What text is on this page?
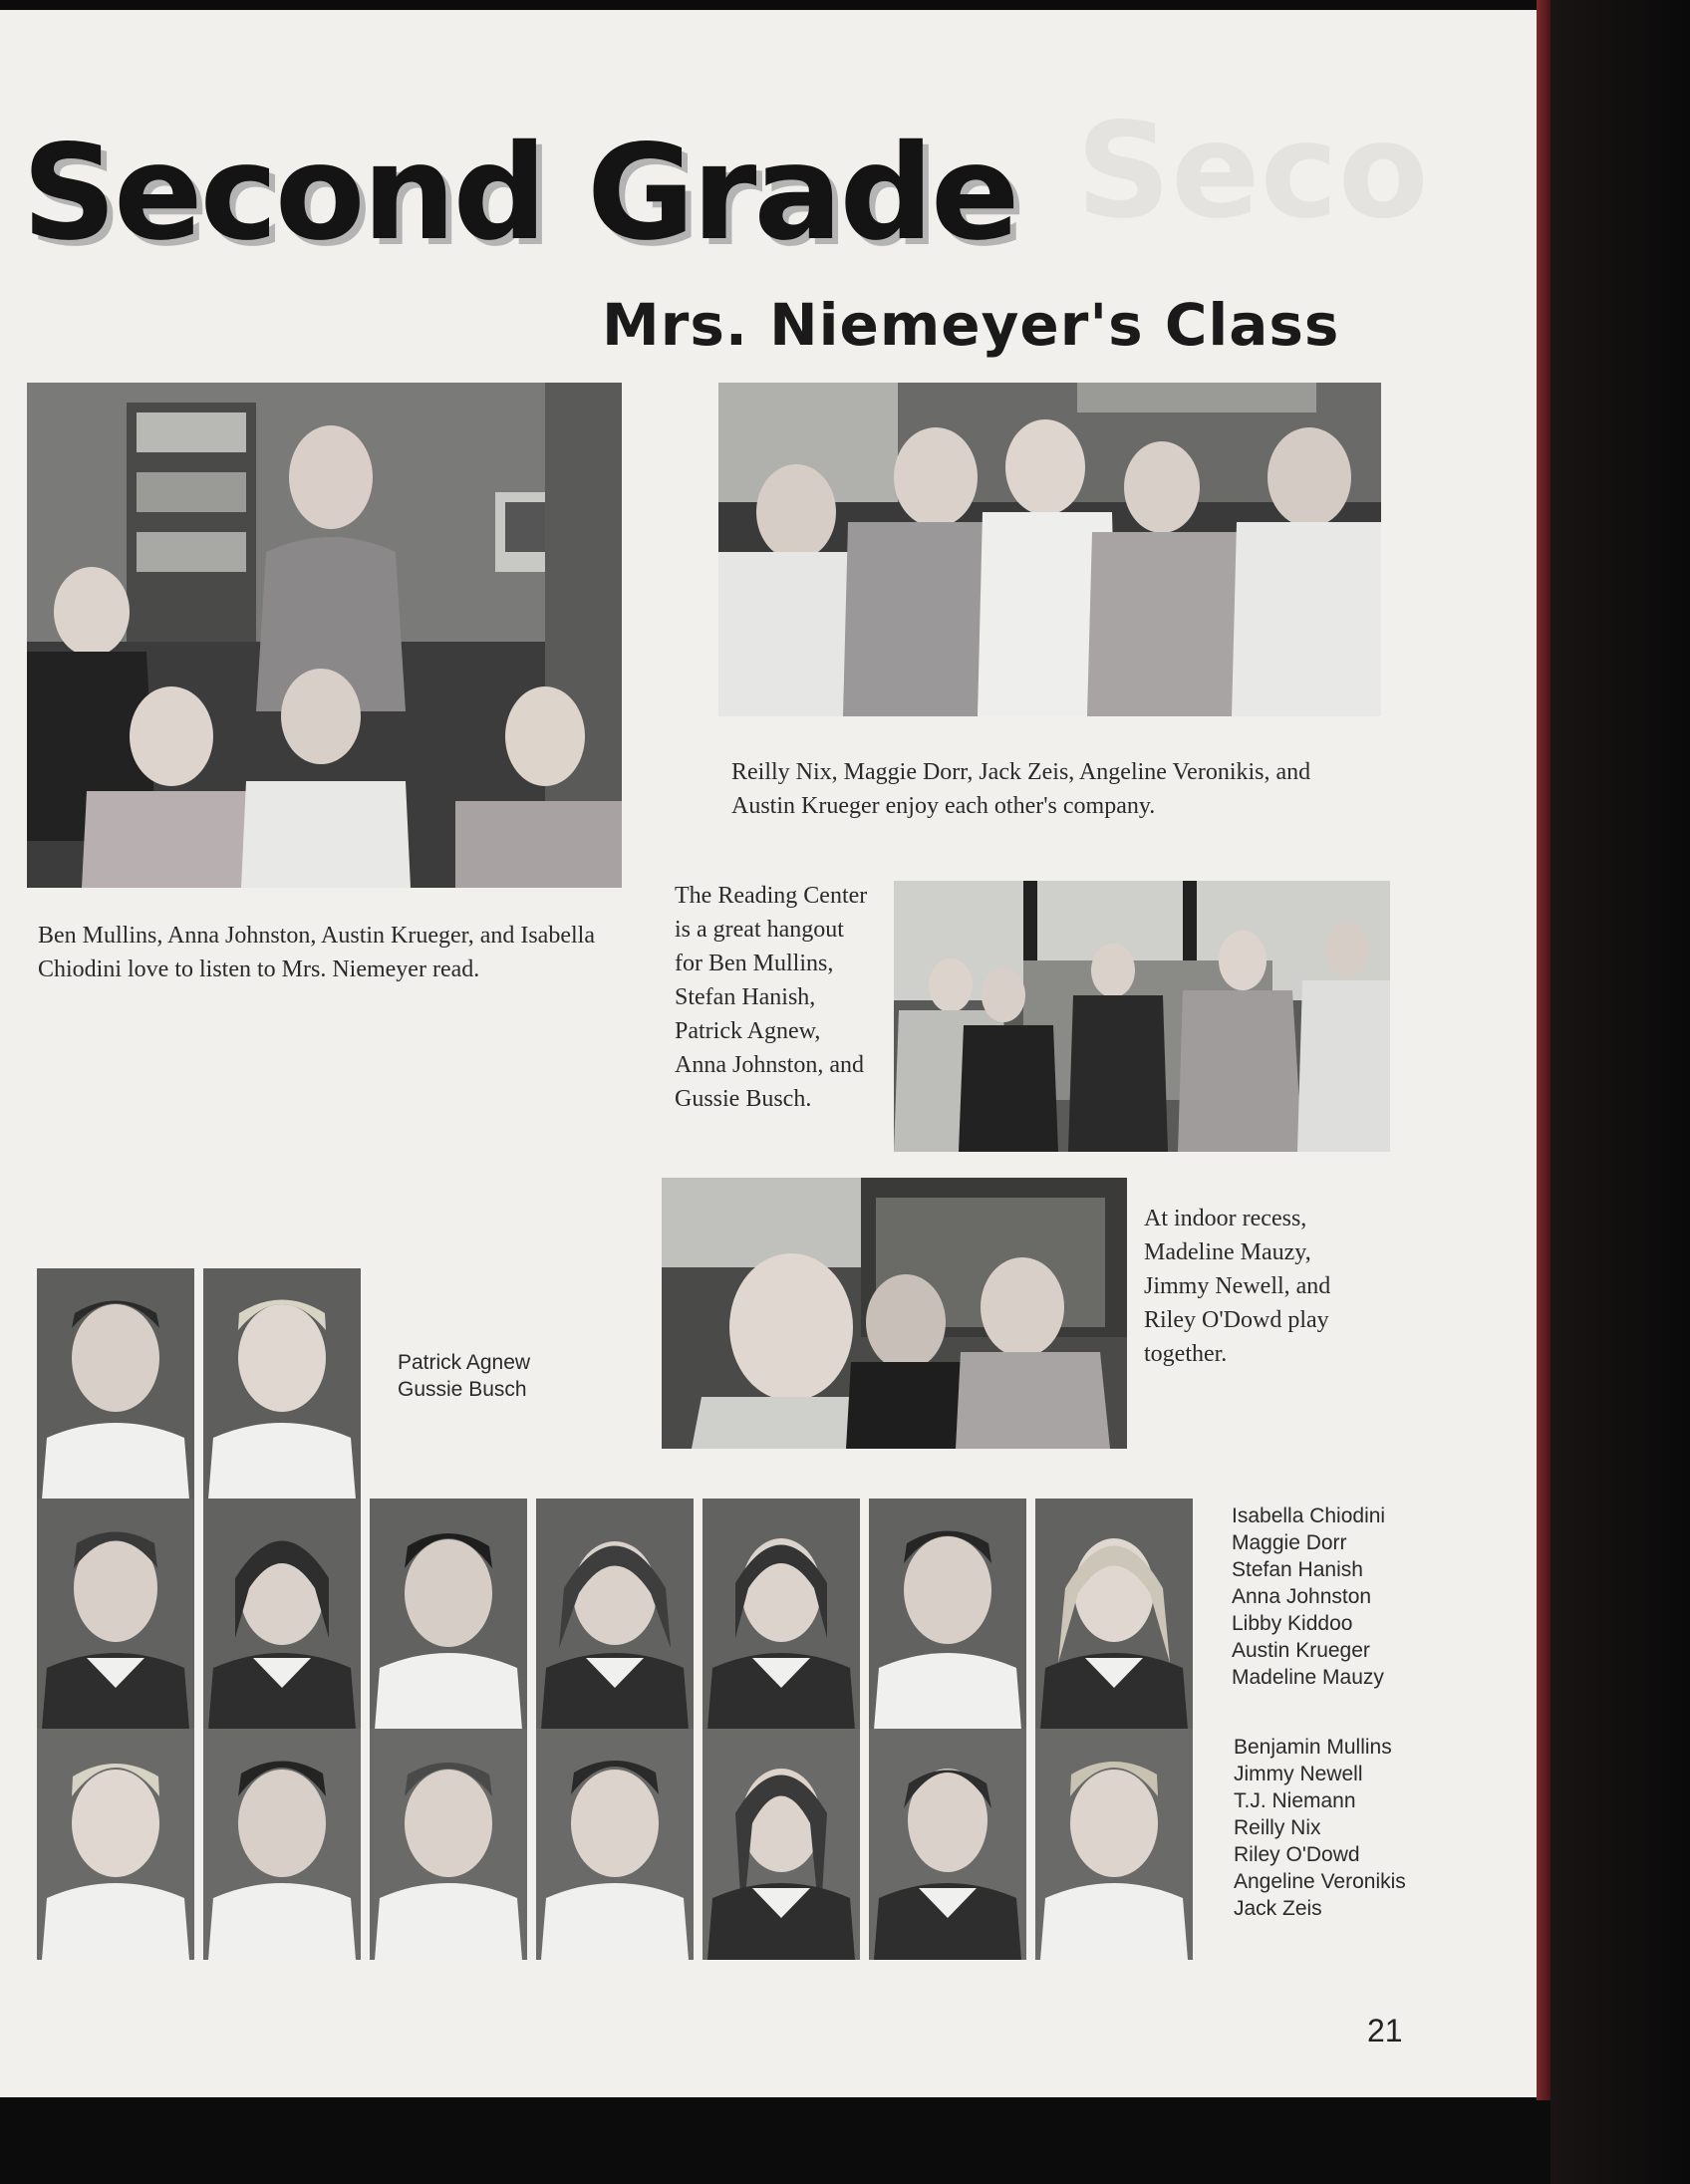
Seco
Second Grade
Mrs. Niemeyer's Class

Ben Mullins, Anna Johnston, Austin Krueger, and Isabella Chiodini love to listen to Mrs. Niemeyer read.

Reilly Nix, Maggie Dorr, Jack Zeis, Angeline Veronikis, and Austin Krueger enjoy each other's company.

The Reading Center is a great hangout for Ben Mullins, Stefan Hanish, Patrick Agnew, Anna Johnston, and Gussie Busch.

At indoor recess, Madeline Mauzy, Jimmy Newell, and Riley O'Dowd play together.

Patrick Agnew
Gussie Busch
Isabella Chiodini
Maggie Dorr
Stefan Hanish
Anna Johnston
Libby Kiddoo
Austin Krueger
Madeline Mauzy
Benjamin Mullins
Jimmy Newell
T.J. Niemann
Reilly Nix
Riley O'Dowd
Angeline Veronikis
Jack Zeis
21
